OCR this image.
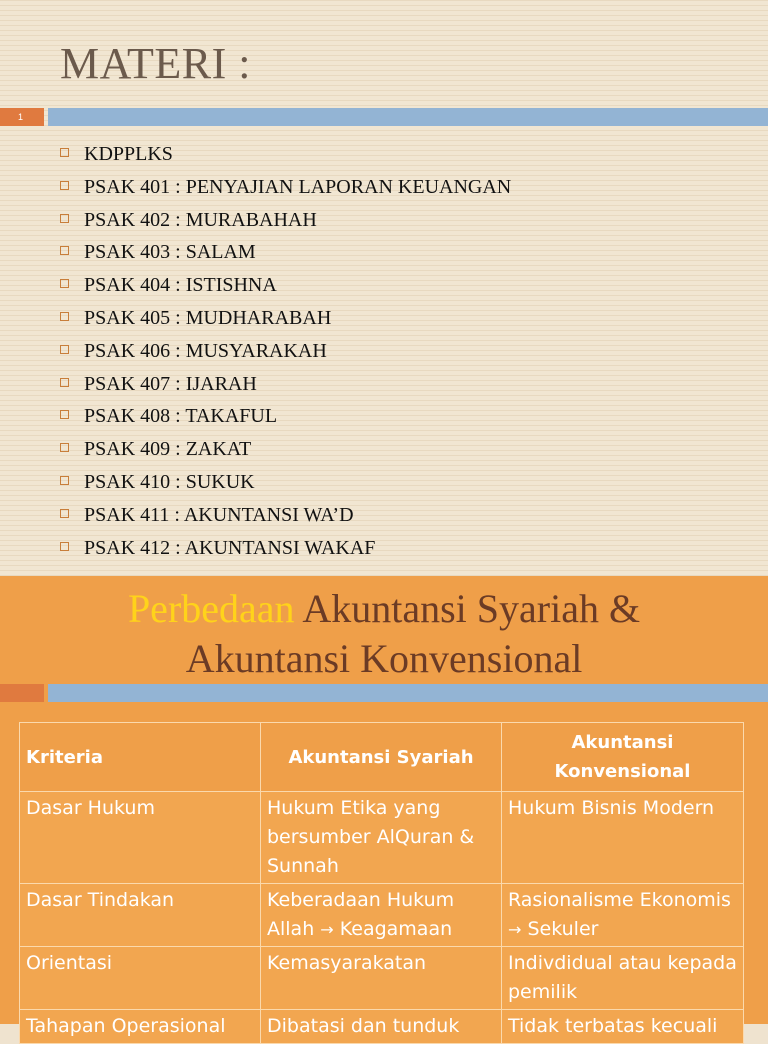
MATERI :
1
KDPPLKS
PSAK 401 : PENYAJIAN LAPORAN KEUANGAN
PSAK 402 : MURABAHAH
PSAK 403 : SALAM
PSAK 404 : ISTISHNA
PSAK 405 : MUDHARABAH
PSAK 406 : MUSYARAKAH
PSAK 407 : IJARAH
PSAK 408 : TAKAFUL
PSAK 409 : ZAKAT
PSAK 410 : SUKUK
PSAK 411 : AKUNTANSI WA’D
PSAK 412 : AKUNTANSI WAKAF
Perbedaan Akuntansi Syariah &
Akuntansi Konvensional
Kriteria	Akuntansi Syariah	Akuntansi Konvensional
Dasar Hukum	Hukum Etika yang bersumber AlQuran & Sunnah	Hukum Bisnis Modern
Dasar Tindakan	Keberadaan Hukum Allah → Keagamaan	Rasionalisme Ekonomis → Sekuler
Orientasi	Kemasyarakatan	Indivdidual atau kepada pemilik
Tahapan Operasional	Dibatasi dan tunduk	Tidak terbatas kecuali
